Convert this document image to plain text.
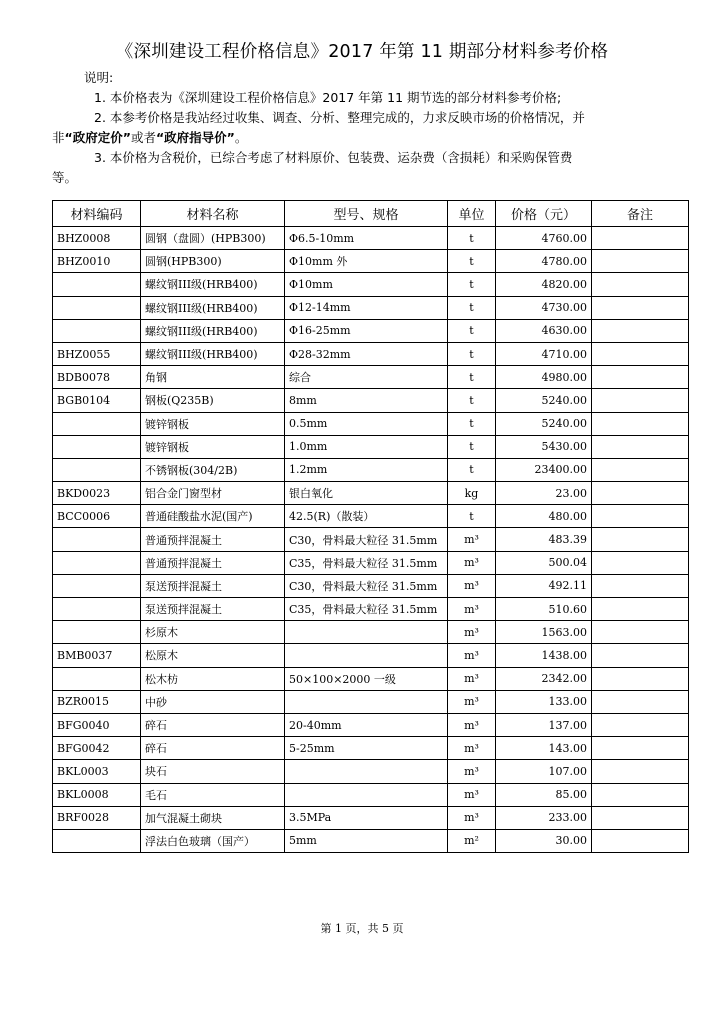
《深圳建设工程价格信息》2017 年第 11 期部分材料参考价格

说明:

1. 本价格表为《深圳建设工程价格信息》2017 年第 11 期节选的部分材料参考价格;

2. 本参考价格是我站经过收集、调查、分析、整理完成的，力求反映市场的价格情况，并

非“政府定价”或者“政府指导价”。

3. 本价格为含税价，已综合考虑了材料原价、包装费、运杂费（含损耗）和采购保管费

等。

材料编码	材料名称	型号、规格	单位	价格（元）	备注
BHZ0008	圆钢（盘圆）(HPB300)	Φ6.5-10mm	t	4760.00	
BHZ0010	圆钢(HPB300)	Φ10mm 外	t	4780.00	
	螺纹钢III级(HRB400)	Φ10mm	t	4820.00	
	螺纹钢III级(HRB400)	Φ12-14mm	t	4730.00	
	螺纹钢III级(HRB400)	Φ16-25mm	t	4630.00	
BHZ0055	螺纹钢III级(HRB400)	Φ28-32mm	t	4710.00	
BDB0078	角钢	综合	t	4980.00	
BGB0104	钢板(Q235B)	8mm	t	5240.00	
	镀锌钢板	0.5mm	t	5240.00	
	镀锌钢板	1.0mm	t	5430.00	
	不锈钢板(304/2B)	1.2mm	t	23400.00	
BKD0023	铝合金门窗型材	银白氧化	kg	23.00	
BCC0006	普通硅酸盐水泥(国产)	42.5(R)（散装）	t	480.00	
	普通预拌混凝土	C30，骨料最大粒径 31.5mm	m³	483.39	
	普通预拌混凝土	C35，骨料最大粒径 31.5mm	m³	500.04	
	泵送预拌混凝土	C30，骨料最大粒径 31.5mm	m³	492.11	
	泵送预拌混凝土	C35，骨料最大粒径 31.5mm	m³	510.60	
	杉原木		m³	1563.00	
BMB0037	松原木		m³	1438.00	
	松木枋	50×100×2000 一级	m³	2342.00	
BZR0015	中砂		m³	133.00	
BFG0040	碎石	20-40mm	m³	137.00	
BFG0042	碎石	5-25mm	m³	143.00	
BKL0003	块石		m³	107.00	
BKL0008	毛石		m³	85.00	
BRF0028	加气混凝土砌块	3.5MPa	m³	233.00	
	浮法白色玻璃（国产）	5mm	m²	30.00	
第 1 页，共 5 页
